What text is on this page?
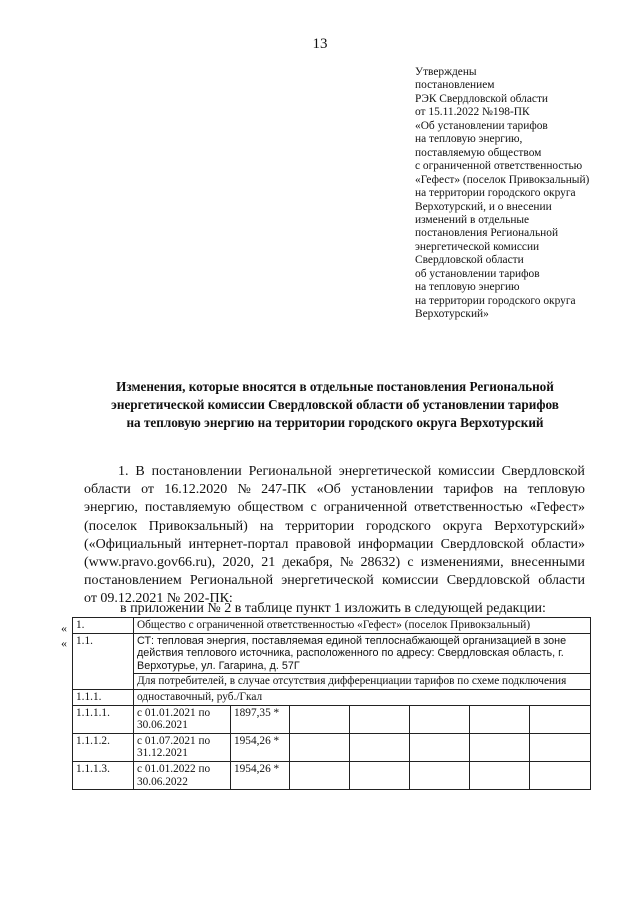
13
Утверждены
постановлением
РЭК Свердловской области
от 15.11.2022 №198-ПК
«Об установлении тарифов
на тепловую энергию,
поставляемую обществом
с ограниченной ответственностью
«Гефест» (поселок Привокзальный)
на территории городского округа
Верхотурский, и о внесении
изменений в отдельные
постановления Региональной
энергетической комиссии
Свердловской области
об установлении тарифов
на тепловую энергию
на территории городского округа
Верхотурский»
Изменения, которые вносятся в отдельные постановления Региональной
энергетической комиссии Свердловской области об установлении тарифов
на тепловую энергию на территории городского округа Верхотурский
1. В постановлении Региональной энергетической комиссии Свердловской
области от 16.12.2020 № 247-ПК «Об установлении тарифов на тепловую
энергию, поставляемую обществом с ограниченной ответственностью «Гефест»
(поселок Привокзальный) на территории городского округа Верхотурский»
(«Официальный интернет-портал правовой информации Свердловской области»
(www.pravo.gov66.ru), 2020, 21 декабря, № 28632) с изменениями, внесенными
постановлением Региональной энергетической комиссии Свердловской области
от 09.12.2021 № 202-ПК:
в приложении № 2 в таблице пункт 1 изложить в следующей редакции:
«
«
1.	Общество с ограниченной ответственностью «Гефест» (поселок Привокзальный)						
1.1.	СТ: тепловая энергия, поставляемая единой теплоснабжающей организацией в зоне действия теплового источника, расположенного по адресу: Свердловская область, г. Верхотурье, ул. Гагарина, д. 57Г						
	Для потребителей, в случае отсутствия дифференциации тарифов по схеме подключения						
1.1.1.	одноставочный, руб./Гкал						
1.1.1.1.	с 01.01.2021 по 30.06.2021	1897,35 *					
1.1.1.2.	с 01.07.2021 по 31.12.2021	1954,26 *					
1.1.1.3.	с 01.01.2022 по 30.06.2022	1954,26 *					
